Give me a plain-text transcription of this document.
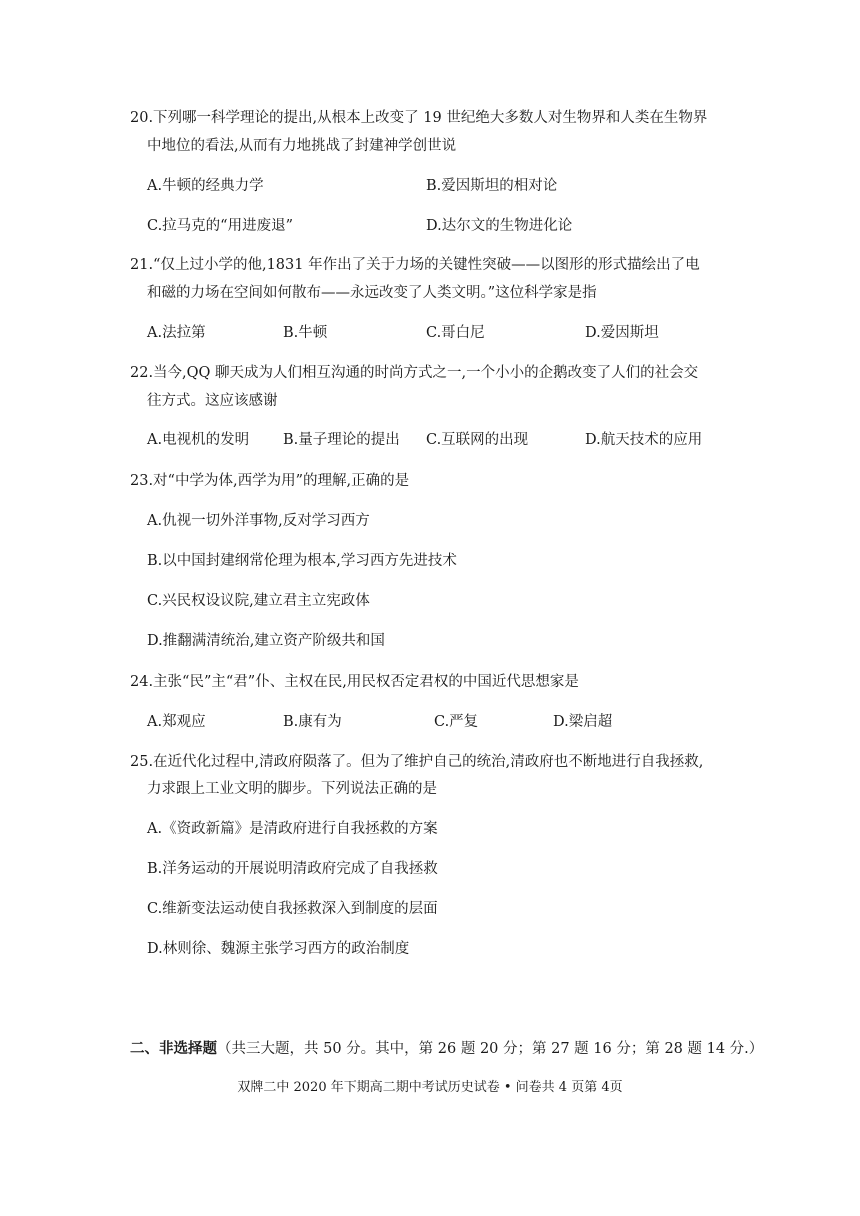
20.下列哪一科学理论的提出,从根本上改变了 19 世纪绝大多数人对生物界和人类在生物界
中地位的看法,从而有力地挑战了封建神学创世说
A.牛顿的经典力学	B.爱因斯坦的相对论
C.拉马克的“用进废退”	D.达尔文的生物进化论
21.“仅上过小学的他,1831 年作出了关于力场的关键性突破——以图形的形式描绘出了电
和磁的力场在空间如何散布——永远改变了人类文明。”这位科学家是指
A.法拉第	B.牛顿	C.哥白尼	D.爱因斯坦
22.当今,QQ 聊天成为人们相互沟通的时尚方式之一,一个小小的企鹅改变了人们的社会交
往方式。这应该感谢
A.电视机的发明 B.量子理论的提出 C.互联网的出现	D.航天技术的应用
23.对“中学为体,西学为用”的理解,正确的是
A.仇视一切外洋事物,反对学习西方
B.以中国封建纲常伦理为根本,学习西方先进技术
C.兴民权设议院,建立君主立宪政体
D.推翻满清统治,建立资产阶级共和国
24.主张“民”主“君”仆、主权在民,用民权否定君权的中国近代思想家是
A.郑观应	B.康有为	C.严复	D.梁启超
25.在近代化过程中,清政府陨落了。但为了维护自己的统治,清政府也不断地进行自我拯救,
力求跟上工业文明的脚步。下列说法正确的是
A.《资政新篇》是清政府进行自我拯救的方案
B.洋务运动的开展说明清政府完成了自我拯救
C.维新变法运动使自我拯救深入到制度的层面
D.林则徐、魏源主张学习西方的政治制度
二、非选择题（共三大题，共 50 分。其中，第 26 题 20 分；第 27 题 16 分；第 28 题 14 分.）
双牌二中 2020 年下期高二期中考试历史试卷 • 问卷共 4 页第 4页
